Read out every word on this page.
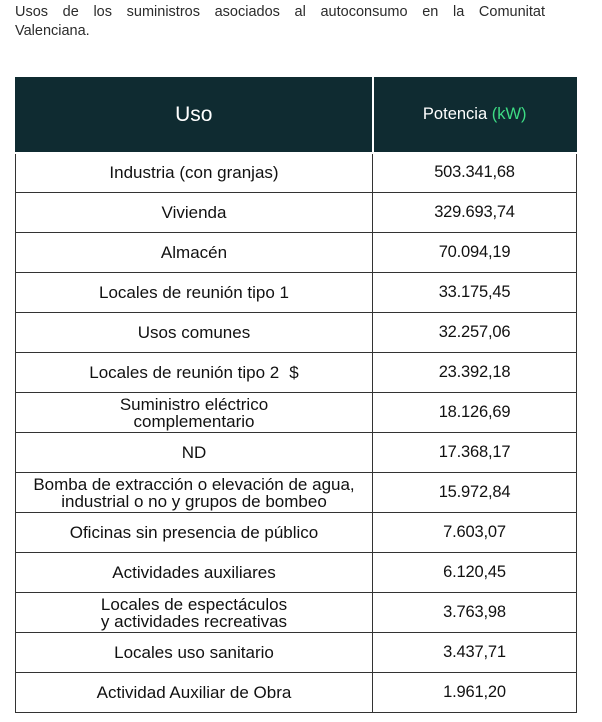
Usos de los suministros asociados al autoconsumo en la Comunitat Valenciana.

Uso	Potencia (kW)
Industria (con granjas)	503.341,68
Vivienda	329.693,74
Almacén	70.094,19
Locales de reunión tipo 1	33.175,45
Usos comunes	32.257,06
Locales de reunión tipo 2 $	23.392,18
Suministro eléctrico
complementario	18.126,69
ND	17.368,17
Bomba de extracción o elevación de agua,
industrial o no y grupos de bombeo	15.972,84
Oficinas sin presencia de público	7.603,07
Actividades auxiliares	6.120,45
Locales de espectáculos
y actividades recreativas	3.763,98
Locales uso sanitario	3.437,71
Actividad Auxiliar de Obra	1.961,20
